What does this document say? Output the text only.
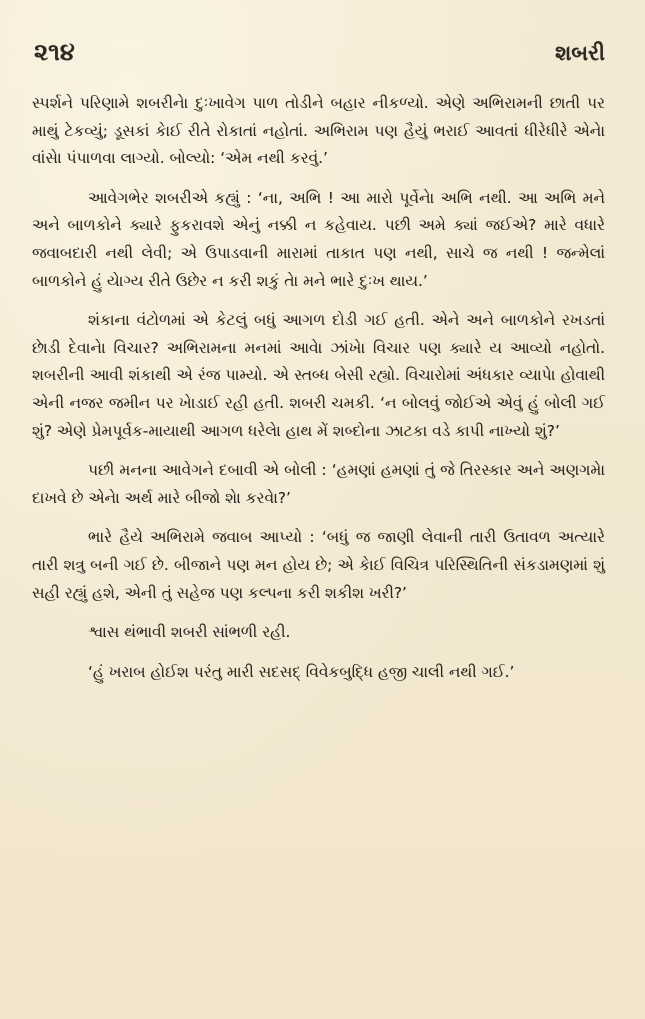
૨૧૪	શબરી

સ્પર્શને પરિણામે શબરીનેા દુઃખાવેગ પાળ તોડીને બહાર નીકળ્યો. એણે અભિરામની છાતી પર માથું ટેકવ્યું; ડૂસકાં કેાઈ રીતે રોકાતાં નહોતાં. અભિરામ પણ હૈયું ભરાઈ આવતાં ધીરેધીરે એનેા વાંસેા પંપાળવા લાગ્યો. બોલ્યો: ‘એમ નથી કરવું.’

આવેગભેર શબરીએ કહ્યું : ‘ના, અભિ ! આ મારો પૂર્વેનેા અભિ નથી. આ અભિ મને અને બાળકોને ક્યારે ફુકરાવશે એનું નક્કી ન કહેવાય. પછી અમે ક્યાં જઈએ? મારે વધારે જવાબદારી નથી લેવી; એ ઉપાડવાની મારામાં તાકાત પણ નથી, સાચે જ નથી ! જન્મેલાં બાળકોને હું યેાગ્ય રીતે ઉછેર ન કરી શકું તેા મને ભારે દુઃખ થાય.’

શંકાના વંટોળમાં એ કેટલું બધું આગળ દોડી ગઈ હતી. એને અને બાળકોને રખડતાં છેાડી દેવાનેા વિચાર? અભિરામના મનમાં આવેા ઝાંખેા વિચાર પણ ક્યારે ય આવ્યો નહોતો. શબરીની આવી શંકાથી એ રંજ પામ્યો. એ સ્તબ્ધ બેસી રહ્યો. વિચારોમાં અંધકાર વ્યાપેા હોવાથી એની નજર જમીન પર ખેાડાઈ રહી હતી. શબરી ચમકી. ‘ન બોલવું જોઈએ એવું હું બોલી ગઈ શું? એણે પ્રેમપૂર્વક-માયાથી આગળ ધરેલેા હાથ મેં શબ્દોના ઝાટકા વડે કાપી નાખ્યો શું?’

પછી મનના આવેગને દબાવી એ બોલી : ‘હમણાં હમણાં તું જે તિરસ્કાર અને અણગમેા દાખવે છે એનેા અર્થ મારે બીજો શેા કરવેા?’

ભારે હૈયે અભિરામે જવાબ આપ્યો : ‘બધું જ જાણી લેવાની તારી ઉતાવળ અત્યારે તારી શત્રુ બની ગઈ છે. બીજાને પણ મન હોય છે; એ કેાઈ વિચિત્ર પરિસ્થિતિની સંકડામણમાં શું સહી રહ્યું હશે, એની તું સહેજ પણ કલ્પના કરી શકીશ ખરી?’

શ્વાસ થંભાવી શબરી સાંભળી રહી.

‘હું ખરાબ હોઈશ પરંતુ મારી સદસદ્ વિવેકબુદ્ધિ હજી ચાલી નથી ગઈ.’
